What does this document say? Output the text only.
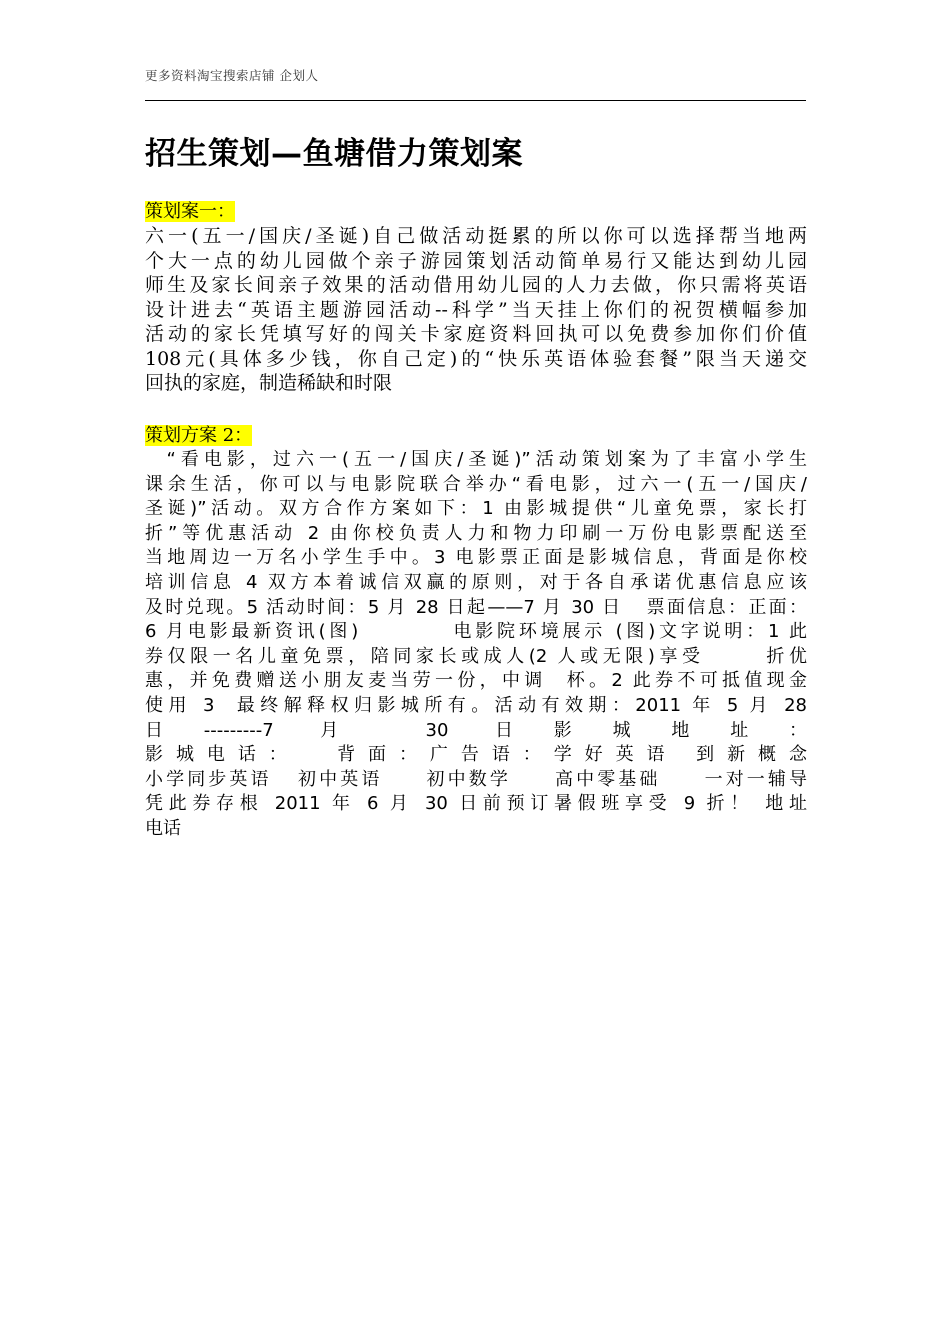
更多资料淘宝搜索店铺 企划人
招生策划—鱼塘借力策划案
策划案一：
六一(五一/国庆/圣诞)自己做活动挺累的所以你可以选择帮当地两
个大一点的幼儿园做个亲子游园策划活动简单易行又能达到幼儿园
师生及家长间亲子效果的活动借用幼儿园的人力去做，你只需将英语
设计进去“英语主题游园活动--科学”当天挂上你们的祝贺横幅参加
活动的家长凭填写好的闯关卡家庭资料回执可以免费参加你们价值
108元(具体多少钱，你自己定)的“快乐英语体验套餐”限当天递交
回执的家庭，制造稀缺和时限
策划方案 2：
“看电影，过六一(五一/国庆/圣诞)”活动策划案为了丰富小学生
课余生活，你可以与电影院联合举办“看电影，过六一(五一/国庆/
圣诞)”活动。双方合作方案如下：1 由影城提供“儿童免票，家长打
折”等优惠活动 2 由你校负责人力和物力印刷一万份电影票配送至
当地周边一万名小学生手中。3 电影票正面是影城信息，背面是你校
培训信息 4 双方本着诚信双赢的原则，对于各自承诺优惠信息应该
及时兑现。5 活动时间：5 月 28 日起——7 月 30 日   票面信息：正面：
6 月电影最新资讯(图)          电影院环境展示 (图)文字说明：1 此
券仅限一名儿童免票，陪同家长或成人(2 人或无限)享受      折优
惠，并免费赠送小朋友麦当劳一份，中调  杯。2 此券不可抵值现金
使用 3  最终解释权归影城所有。活动有效期：2011 年 5 月 28
日---------7 月 30 日影城地址：
影城电话：  背面：广告语：学好英语 到新概念
小学同步英语   初中英语     初中数学     高中零基础     一对一辅导
凭此券存根 2011 年 6 月 30 日前预订暑假班享受 9 折！ 地址
电话
